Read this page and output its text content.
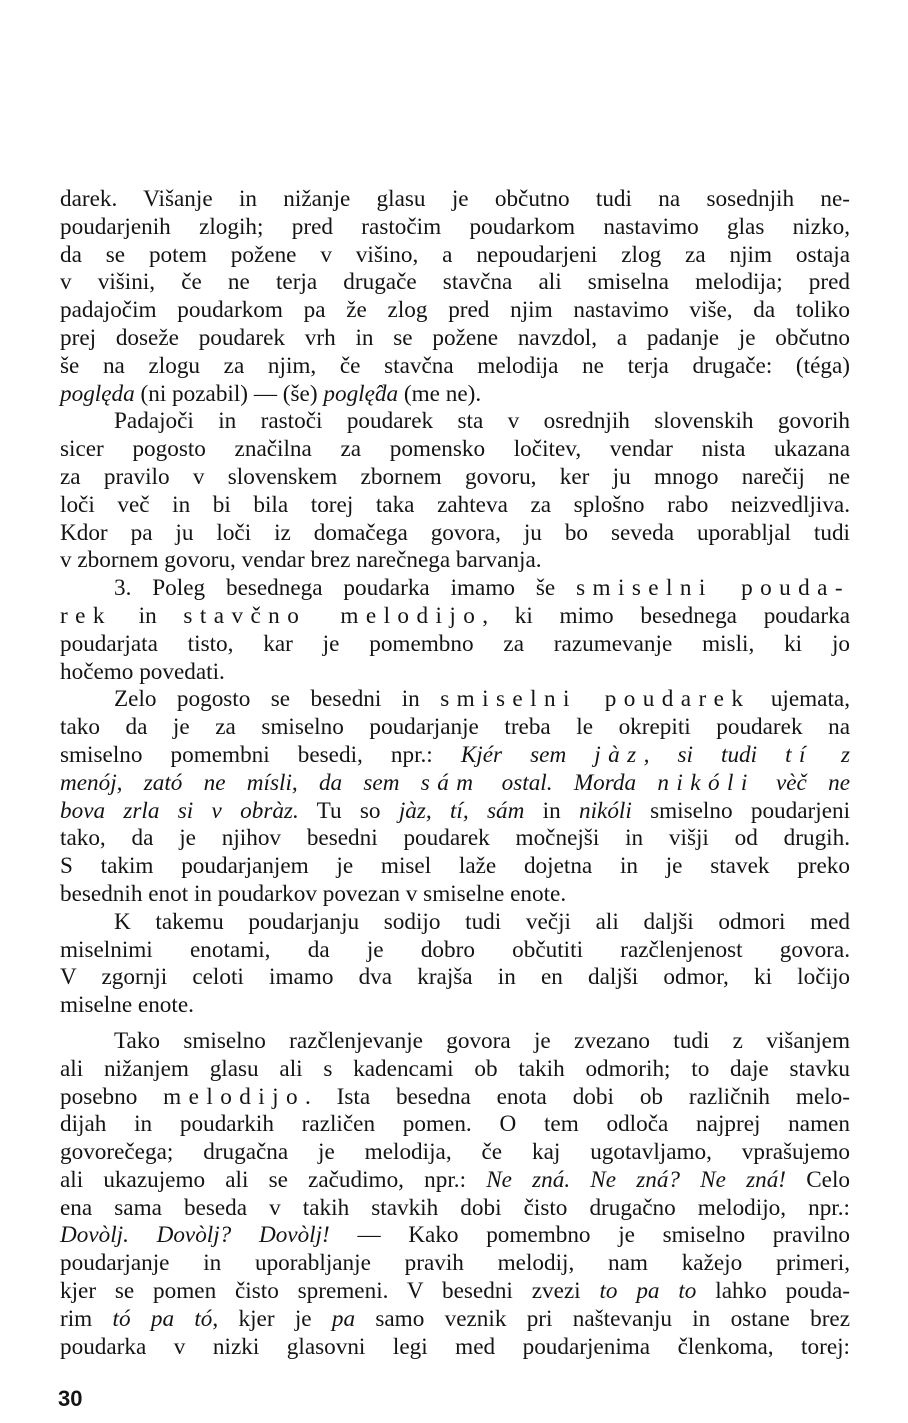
darek. Višanje in nižanje glasu je občutno tudi na sosednjih ne-
poudarjenih zlogih; pred rastočim poudarkom nastavimo glas nizko,
da se potem požene v višino, a nepoudarjeni zlog za njim ostaja
v višini, če ne terja drugače stavčna ali smiselna melodija; pred
padajočim poudarkom pa že zlog pred njim nastavimo više, da toliko
prej doseže poudarek vrh in se požene navzdol, a padanje je občutno
še na zlogu za njim, če stavčna melodija ne terja drugače: (téga)
poględa (ni pozabil) — (še) poglę̂da (me ne).
Padajoči in rastoči poudarek sta v osrednjih slovenskih govorih
sicer pogosto značilna za pomensko ločitev, vendar nista ukazana
za pravilo v slovenskem zbornem govoru, ker ju mnogo narečij ne
loči več in bi bila torej taka zahteva za splošno rabo neizvedljiva.
Kdor pa ju loči iz domačega govora, ju bo seveda uporabljal tudi
v zbornem govoru, vendar brez narečnega barvanja.
3. Poleg besednega poudarka imamo še smiselni pouda-
rek in stavčno melodijo, ki mimo besednega poudarka
poudarjata tisto, kar je pomembno za razumevanje misli, ki jo
hočemo povedati.
Zelo pogosto se besedni in smiselni poudarek ujemata,
tako da je za smiselno poudarjanje treba le okrepiti poudarek na
smiselno pomembni besedi, npr.: Kjér sem jàz, si tudi tí z
menój, zató ne mísli, da sem sám ostal. Morda nikóli vèč ne
bova zrla si v obràz. Tu so jàz, tí, sám in nikóli smiselno poudarjeni
tako, da je njihov besedni poudarek močnejši in višji od drugih.
S takim poudarjanjem je misel laže dojetna in je stavek preko
besednih enot in poudarkov povezan v smiselne enote.
K takemu poudarjanju sodijo tudi večji ali daljši odmori med
miselnimi enotami, da je dobro občutiti razčlenjenost govora.
V zgornji celoti imamo dva krajša in en daljši odmor, ki ločijo
miselne enote.
Tako smiselno razčlenjevanje govora je zvezano tudi z višanjem
ali nižanjem glasu ali s kadencami ob takih odmorih; to daje stavku
posebno melodijo. Ista besedna enota dobi ob različnih melo-
dijah in poudarkih različen pomen. O tem odloča najprej namen
govorečega; drugačna je melodija, če kaj ugotavljamo, vprašujemo
ali ukazujemo ali se začudimo, npr.: Ne zná. Ne zná? Ne zná! Celo
ena sama beseda v takih stavkih dobi čisto drugačno melodijo, npr.:
Dovòlj. Dovòlj? Dovòlj! — Kako pomembno je smiselno pravilno
poudarjanje in uporabljanje pravih melodij, nam kažejo primeri,
kjer se pomen čisto spremeni. V besedni zvezi to pa to lahko pouda-
rim tó pa tó, kjer je pa samo veznik pri naštevanju in ostane brez
poudarka v nizki glasovni legi med poudarjenima členkoma, torej:
30
